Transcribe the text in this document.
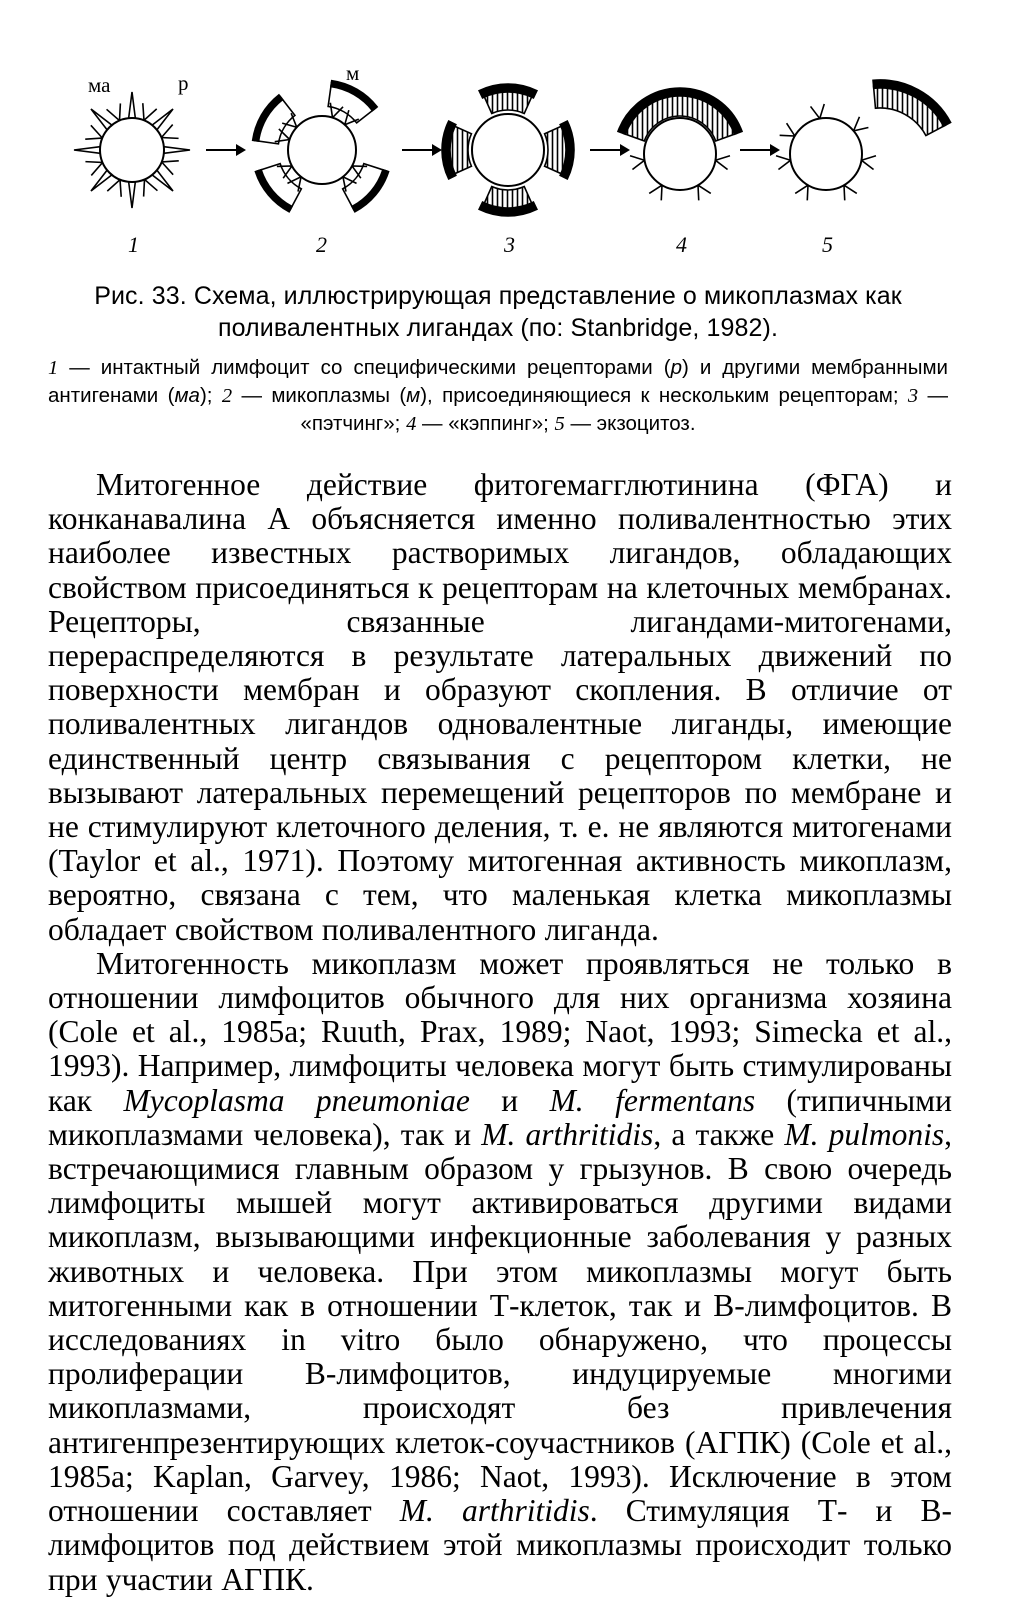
ма	р	м
1	2	3	4	5

Рис. 33. Схема, иллюстрирующая представление о микоплазмах как

поливалентных лигандах (по: Stanbridge, 1982).

1 — интактный лимфоцит со специфическими рецепторами (р) и другими мембранными антигенами (ма); 2 — микоплазмы (м), присоединяющиеся к нескольким рецепторам; 3 — «пэтчинг»; 4 — «кэппинг»; 5 — экзоцитоз.

Митогенное действие фитогемагглютинина (ФГА) и конканавалина А объясняется именно поливалентностью этих наиболее известных растворимых лигандов, обладающих свойством присоединяться к рецепторам на клеточных мембранах. Рецепторы, связанные лигандами-митогенами, перераспределяются в результате латеральных движений по поверхности мембран и образуют скопления. В отличие от поливалентных лигандов одновалентные лиганды, имеющие единственный центр связывания с рецептором клетки, не вызывают латеральных перемещений рецепторов по мембране и не стимулируют клеточного деления, т. е. не являются митогенами (Taylor et al., 1971). Поэтому митогенная активность микоплазм, вероятно, связана с тем, что маленькая клетка микоплазмы обладает свойством поливалентного лиганда.

Митогенность микоплазм может проявляться не только в отношении лимфоцитов обычного для них организма хозяина (Cole et al., 1985a; Ruuth, Prax, 1989; Naot, 1993; Simecka et al., 1993). Например, лимфоциты человека могут быть стимулированы как Mycoplasma pneumoniae и M. fermentans (типичными микоплазмами человека), так и M. arthritidis, а также M. pulmonis, встречающимися главным образом у грызунов. В свою очередь лимфоциты мышей могут активироваться другими видами микоплазм, вызывающими инфекционные заболевания у разных животных и человека. При этом микоплазмы могут быть митогенными как в отношении Т-клеток, так и В-лимфоцитов. В исследованиях in vitro было обнаружено, что процессы пролиферации В-лимфоцитов, индуцируемые многими микоплазмами, происходят без привлечения антигенпрезентирующих клеток-соучастников (АГПК) (Cole et al., 1985a; Kaplan, Garvey, 1986; Naot, 1993). Исключение в этом отношении составляет M. arthritidis. Стимуляция Т- и В-лимфоцитов под действием этой микоплазмы происходит только при участии АГПК.
